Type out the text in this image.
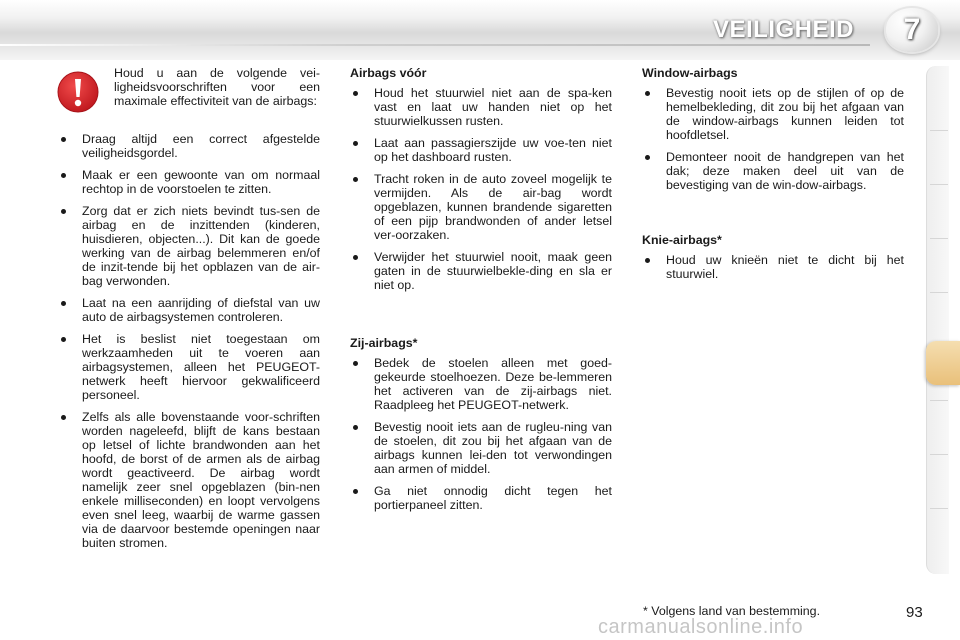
VEILIGHEID	7
Houd u aan de volgende vei-ligheidsvoorschriften voor een maximale effectiviteit van de airbags:
Draag altijd een correct afgestelde veiligheidsgordel.
Maak er een gewoonte van om normaal rechtop in de voorstoelen te zitten.
Zorg dat er zich niets bevindt tus-sen de airbag en de inzittenden (kinderen, huisdieren, objecten...). Dit kan de goede werking van de airbag belemmeren en/of de inzit-tende bij het opblazen van de air-bag verwonden.
Laat na een aanrijding of diefstal van uw auto de airbagsystemen controleren.
Het is beslist niet toegestaan om werkzaamheden uit te voeren aan airbagsystemen, alleen het PEUGEOT-netwerk heeft hiervoor gekwalificeerd personeel.
Zelfs als alle bovenstaande voor-schriften worden nageleefd, blijft de kans bestaan op letsel of lichte brandwonden aan het hoofd, de borst of de armen als de airbag wordt geactiveerd. De airbag wordt namelijk zeer snel opgeblazen (bin-nen enkele milliseconden) en loopt vervolgens even snel leeg, waarbij de warme gassen via de daarvoor bestemde openingen naar buiten stromen.
Airbags vóór
Houd het stuurwiel niet aan de spa-ken vast en laat uw handen niet op het stuurwielkussen rusten.
Laat aan passagierszijde uw voe-ten niet op het dashboard rusten.
Tracht roken in de auto zoveel mogelijk te vermijden. Als de air-bag wordt opgeblazen, kunnen brandende sigaretten of een pijp brandwonden of ander letsel ver-oorzaken.
Verwijder het stuurwiel nooit, maak geen gaten in de stuurwielbekle-ding en sla er niet op.
Zij-airbags*
Bedek de stoelen alleen met goed-gekeurde stoelhoezen. Deze be-lemmeren het activeren van de zij-airbags niet. Raadpleeg het PEUGEOT-netwerk.
Bevestig nooit iets aan de rugleu-ning van de stoelen, dit zou bij het afgaan van de airbags kunnen lei-den tot verwondingen aan armen of middel.
Ga niet onnodig dicht tegen het portierpaneel zitten.
Window-airbags
Bevestig nooit iets op de stijlen of op de hemelbekleding, dit zou bij het afgaan van de window-airbags kunnen leiden tot hoofdletsel.
Demonteer nooit de handgrepen van het dak; deze maken deel uit van de bevestiging van de win-dow-airbags.
Knie-airbags*
Houd uw knieën niet te dicht bij het stuurwiel.
* Volgens land van bestemming.	93
carmanualsonline.info
